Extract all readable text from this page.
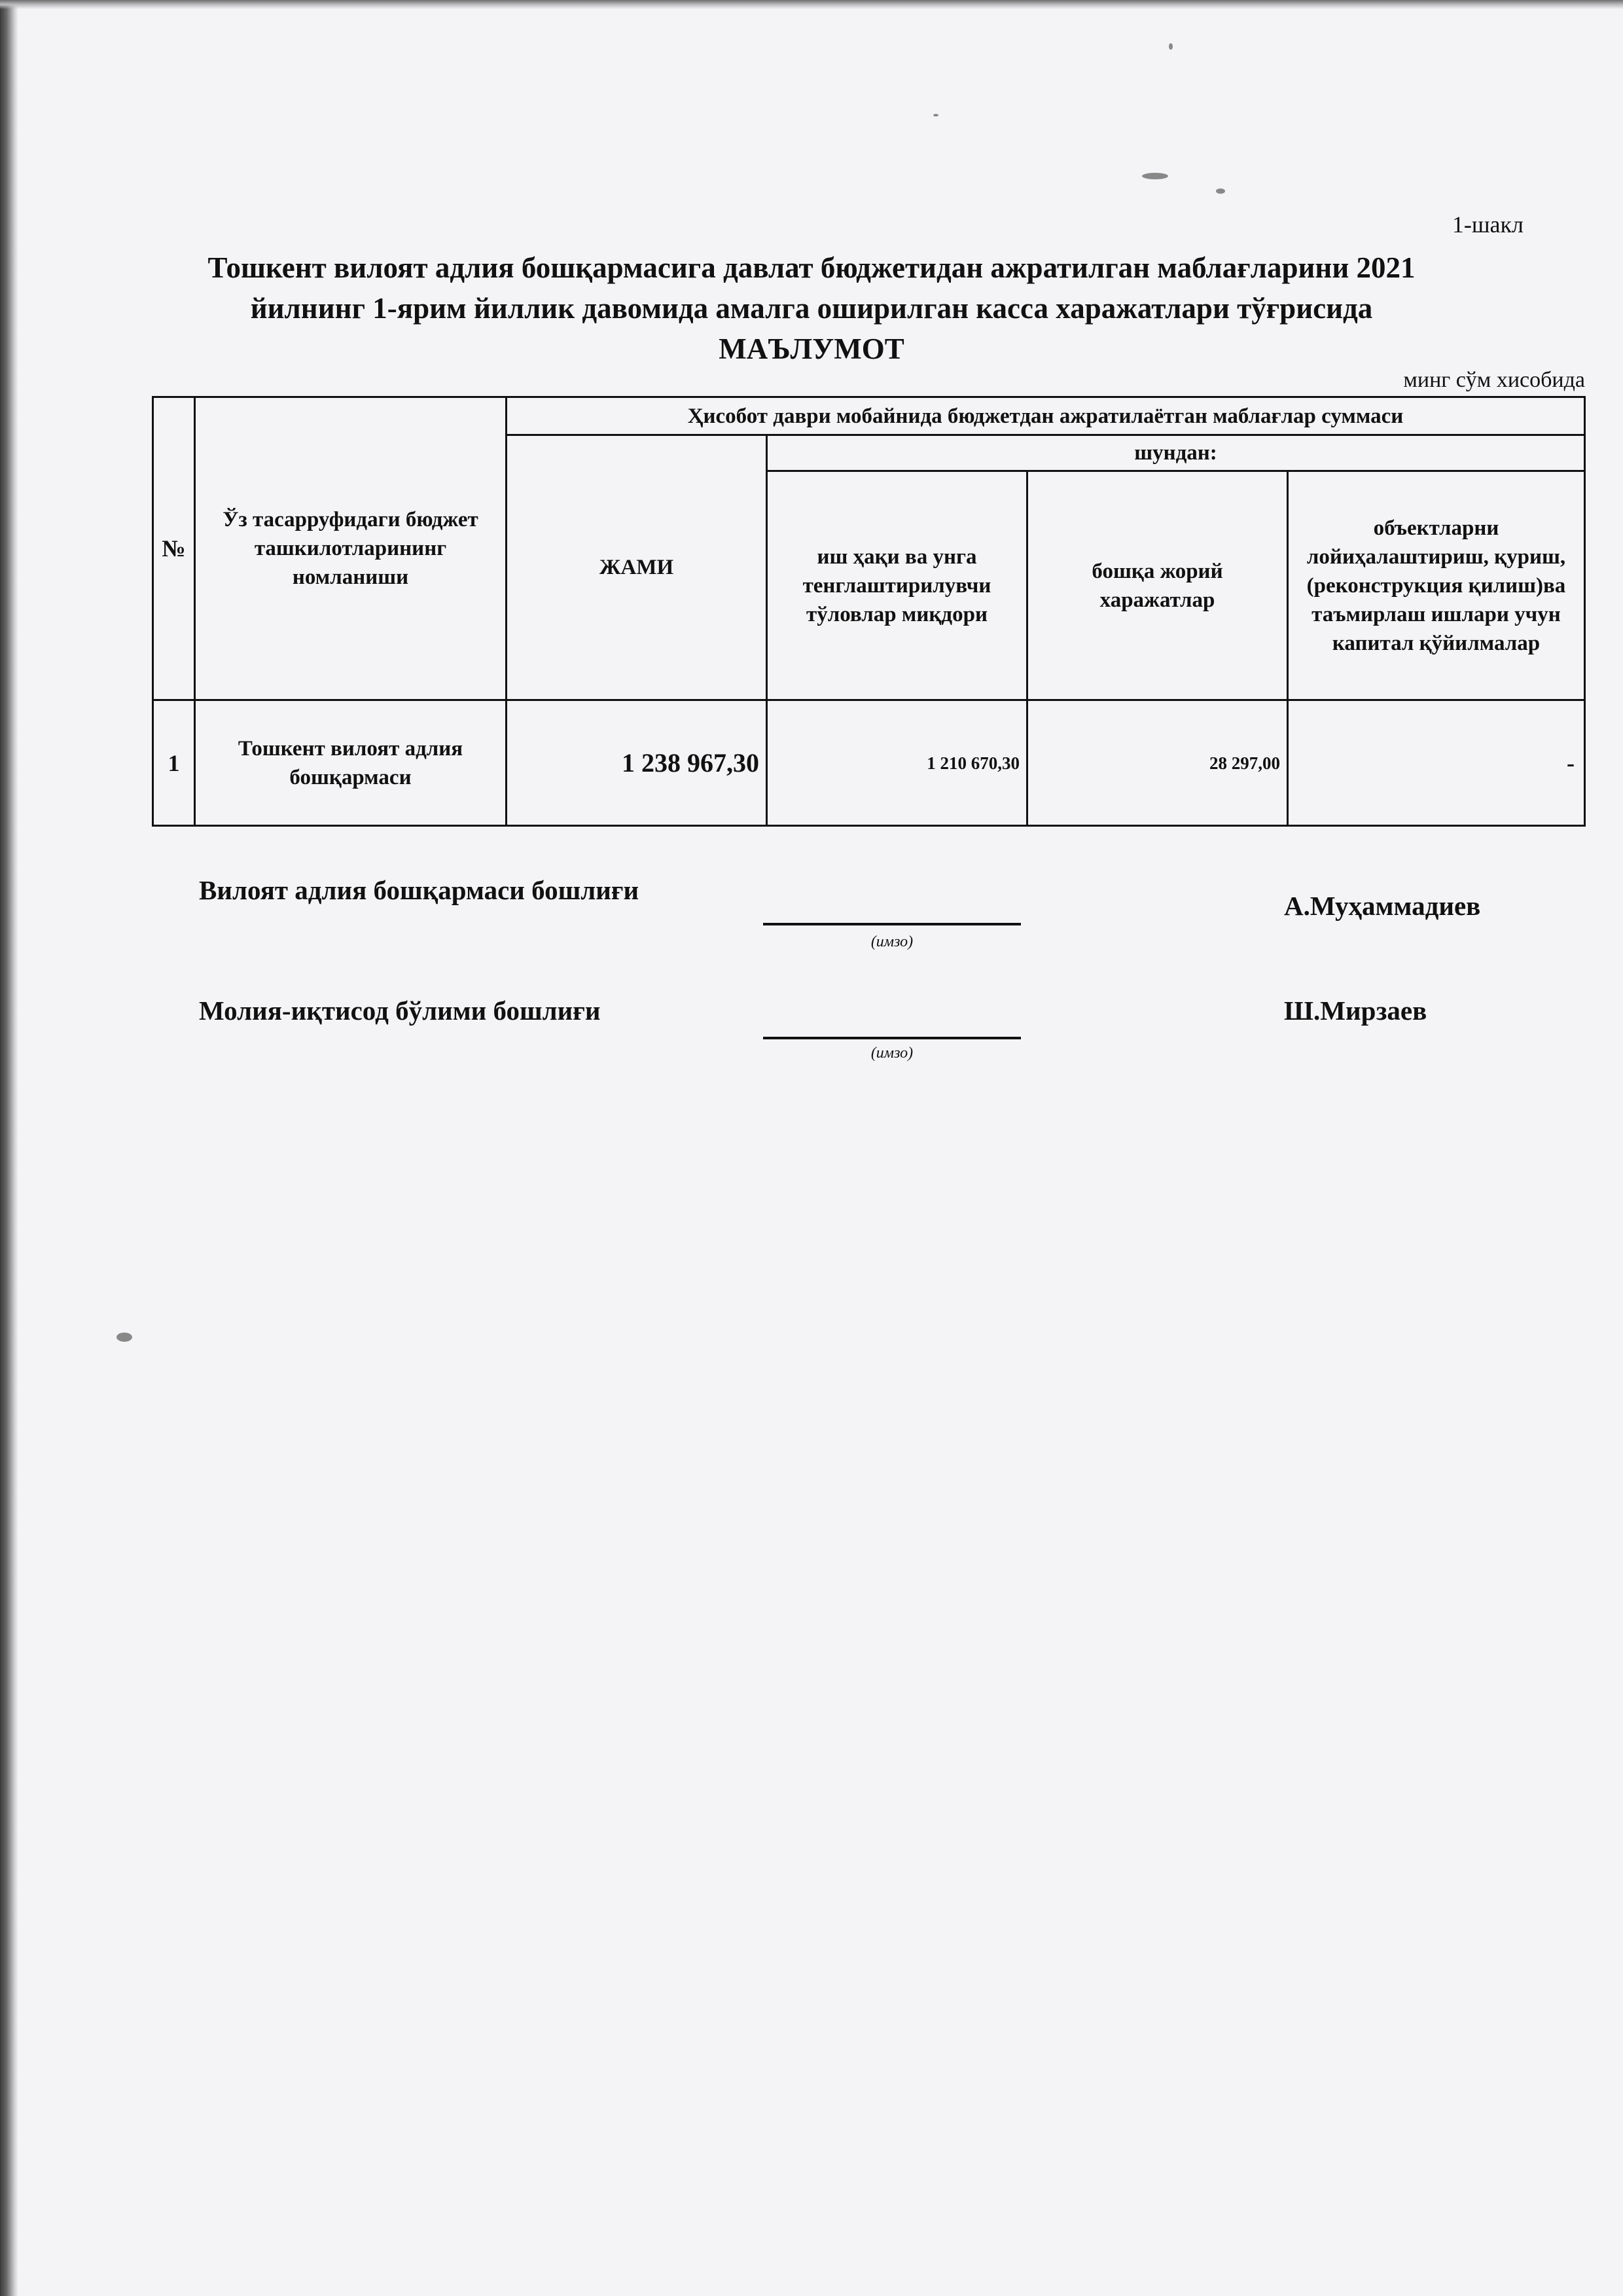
1-шакл
Тошкент вилоят адлия бошқармасига давлат бюджетидан ажратилган маблағларини 2021
йилнинг 1-ярим йиллик давомида амалга оширилган касса харажатлари тўғрисида
МАЪЛУМОТ
минг сўм хисобида
№	Ўз тасарруфидаги бюджет ташкилотларининг номланиши	Ҳисобот даври мобайнида бюджетдан ажратилаётган маблағлар суммаси			
		ЖАМИ	шундан:		
			иш ҳақи ва унга тенглаштирилувчи тўловлар миқдори	бошқа жорий харажатлар	объектларни лойиҳалаштириш, қуриш, (реконструкция қилиш)ва таъмирлаш ишлари учун капитал қўйилмалар
1	Тошкент вилоят адлия бошқармаси	1 238 967,30	1 210 670,30	28 297,00	-
Вилоят адлия бошқармаси бошлиғи
(имзо)
А.Муҳаммадиев
Молия-иқтисод бўлими бошлиғи
(имзо)
Ш.Мирзаев
